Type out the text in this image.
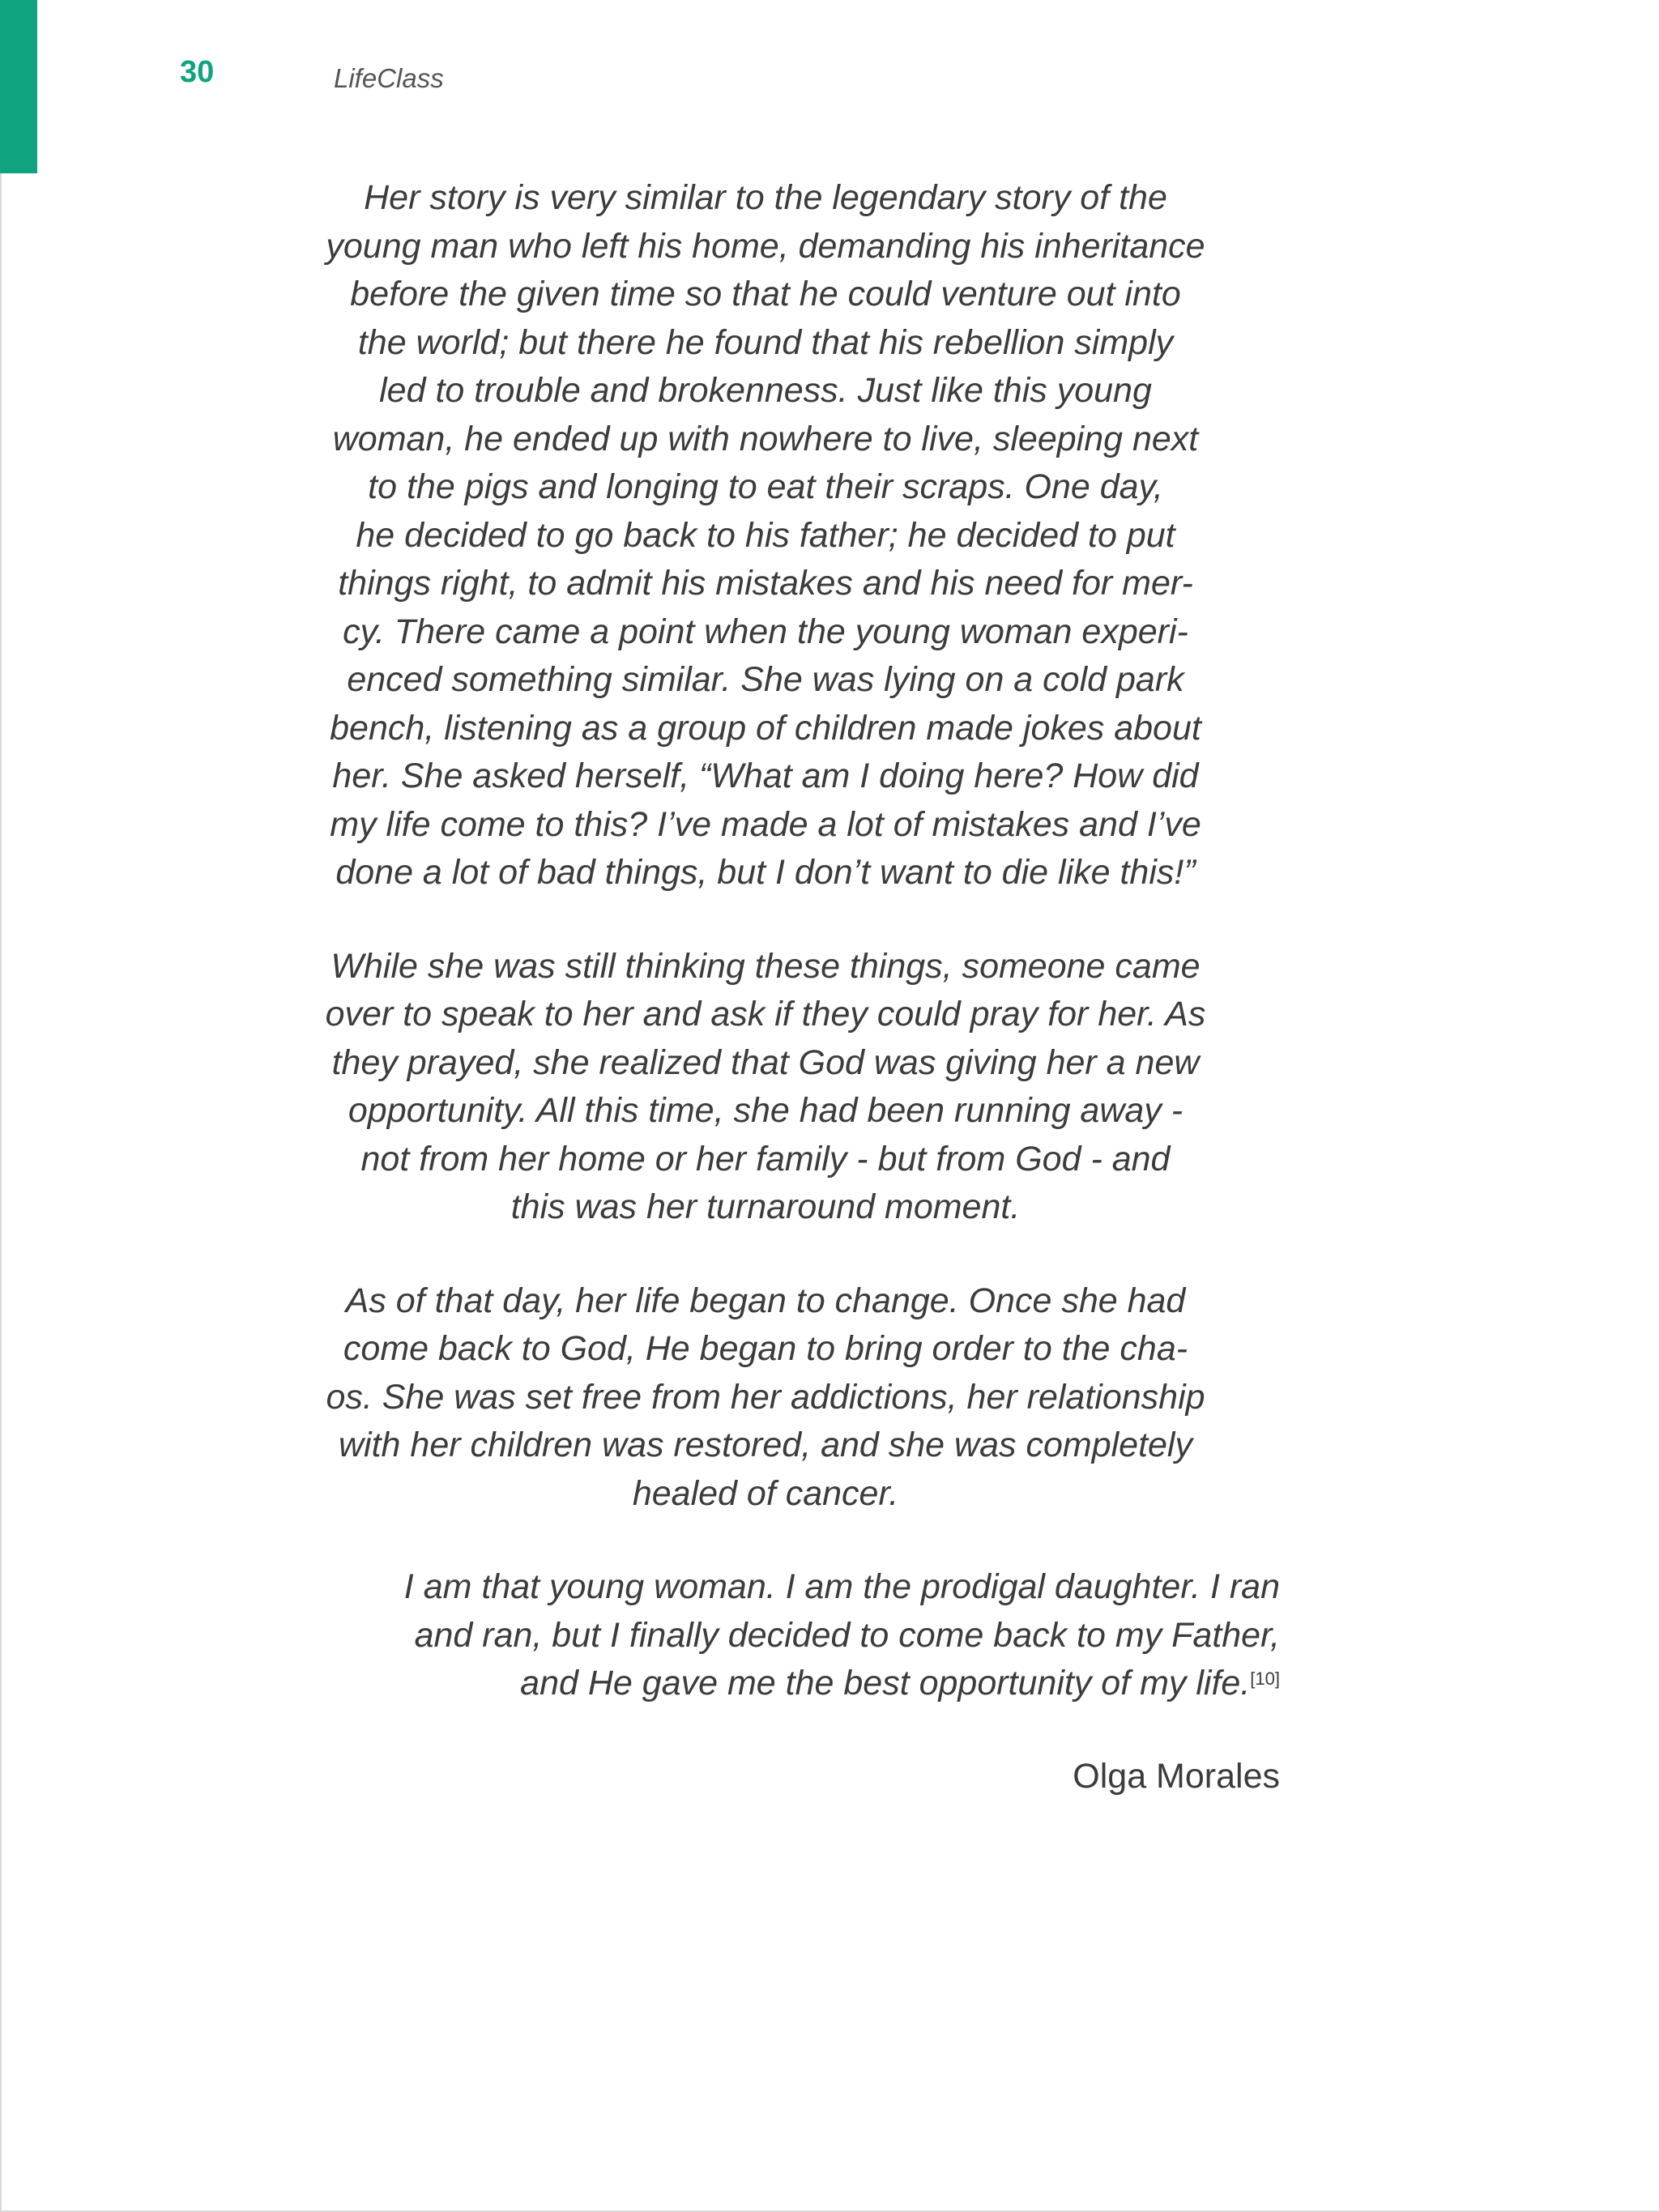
30	LifeClass

Her story is very similar to the legendary story of the
young man who left his home, demanding his inheritance
before the given time so that he could venture out into
the world; but there he found that his rebellion simply
led to trouble and brokenness. Just like this young
woman, he ended up with nowhere to live, sleeping next
to the pigs and longing to eat their scraps. One day,
he decided to go back to his father; he decided to put
things right, to admit his mistakes and his need for mer-
cy. There came a point when the young woman experi-
enced something similar. She was lying on a cold park
bench, listening as a group of children made jokes about
her. She asked herself, “What am I doing here? How did
my life come to this? I’ve made a lot of mistakes and I’ve
done a lot of bad things, but I don’t want to die like this!”

While she was still thinking these things, someone came
over to speak to her and ask if they could pray for her. As
they prayed, she realized that God was giving her a new
opportunity. All this time, she had been running away -
not from her home or her family - but from God - and
this was her turnaround moment.

As of that day, her life began to change. Once she had
come back to God, He began to bring order to the cha-
os. She was set free from her addictions, her relationship
with her children was restored, and she was completely
healed of cancer.

I am that young woman. I am the prodigal daughter. I ran
and ran, but I finally decided to come back to my Father,
and He gave me the best opportunity of my life.[10]

Olga Morales
